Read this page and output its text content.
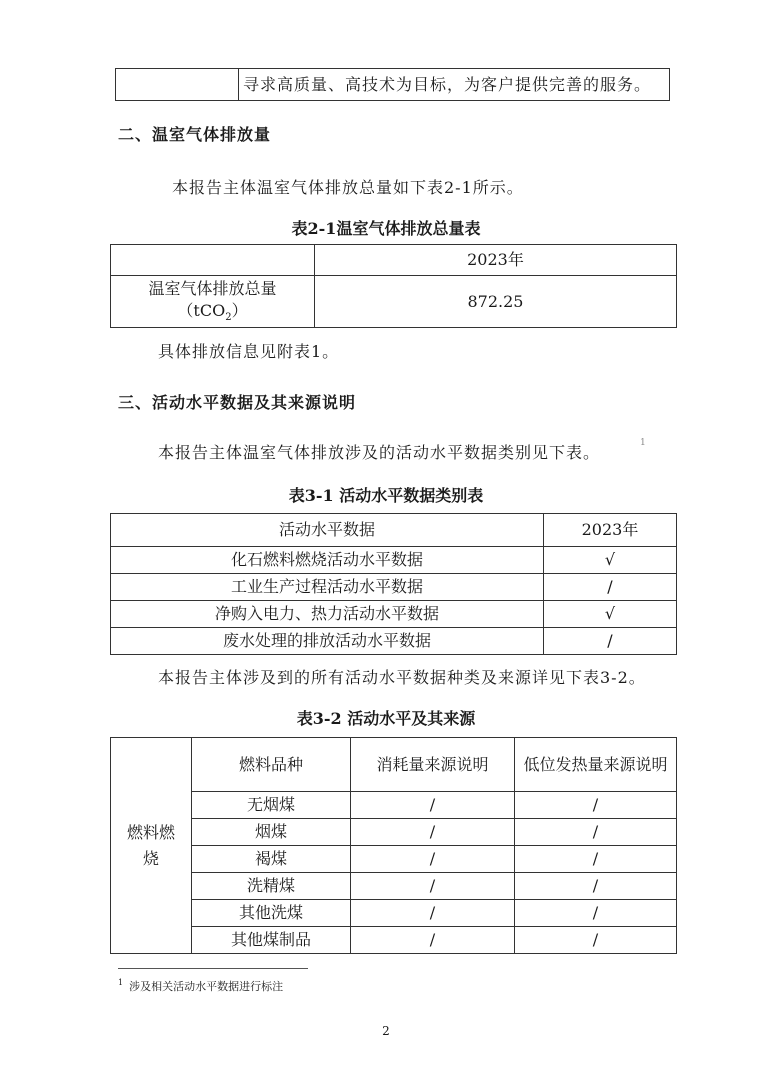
	寻求高质量、高技术为目标，为客户提供完善的服务。
二、温室气体排放量
本报告主体温室气体排放总量如下表2-1所示。
表2-1温室气体排放总量表
	2023年

温室气体排放总量
（tCO$_2$）	872.25
具体排放信息见附表1。
三、活动水平数据及其来源说明
本报告主体温室气体排放涉及的活动水平数据类别见下表。	1
表3-1 活动水平数据类别表
活动水平数据	2023年
化石燃料燃烧活动水平数据	√
工业生产过程活动水平数据	/
净购入电力、热力活动水平数据	√
废水处理的排放活动水平数据	/
本报告主体涉及到的所有活动水平数据种类及来源详见下表3-2。
表3-2 活动水平及其来源
燃料燃烧	燃料品种	消耗量来源说明	低位发热量来源说明

	无烟煤	/	/
	烟煤	/	/
	褐煤	/	/
	洗精煤	/	/
	其他洗煤	/	/
	其他煤制品	/	/
$^1$ 涉及相关活动水平数据进行标注
2
